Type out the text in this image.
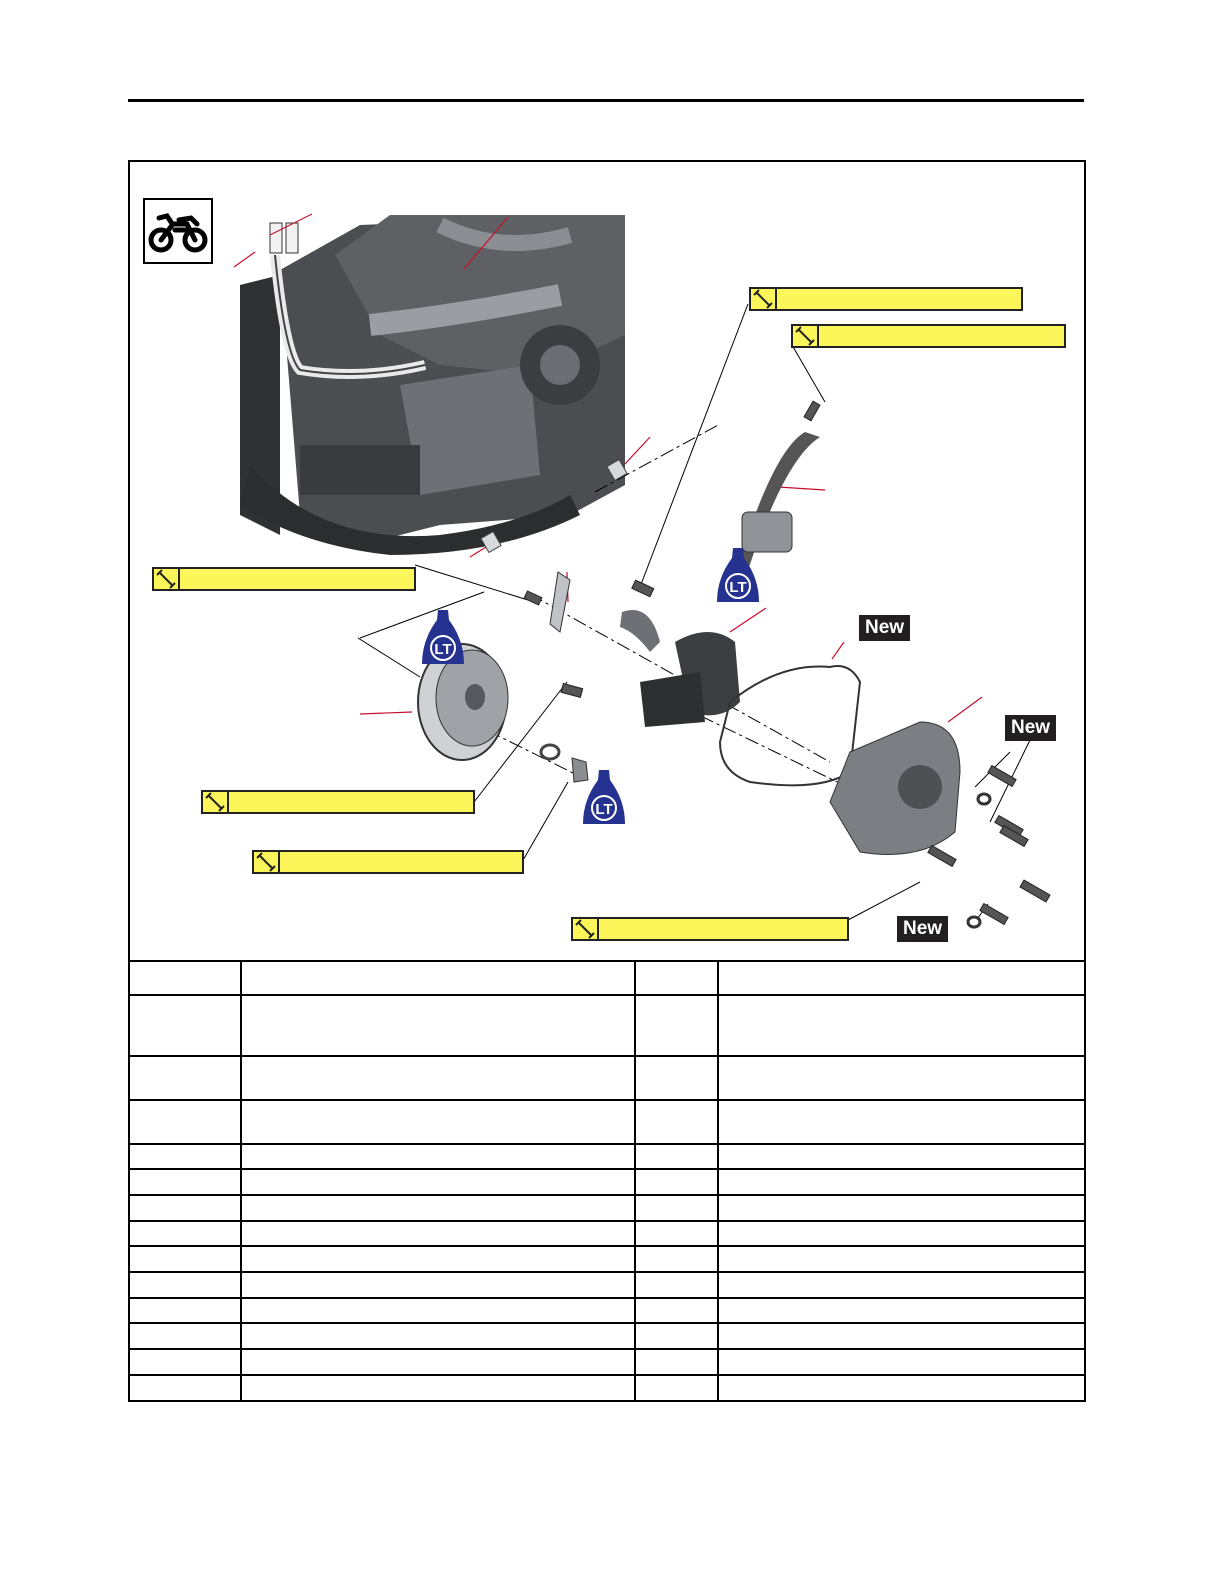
LT
LT
LT
New
New
New
